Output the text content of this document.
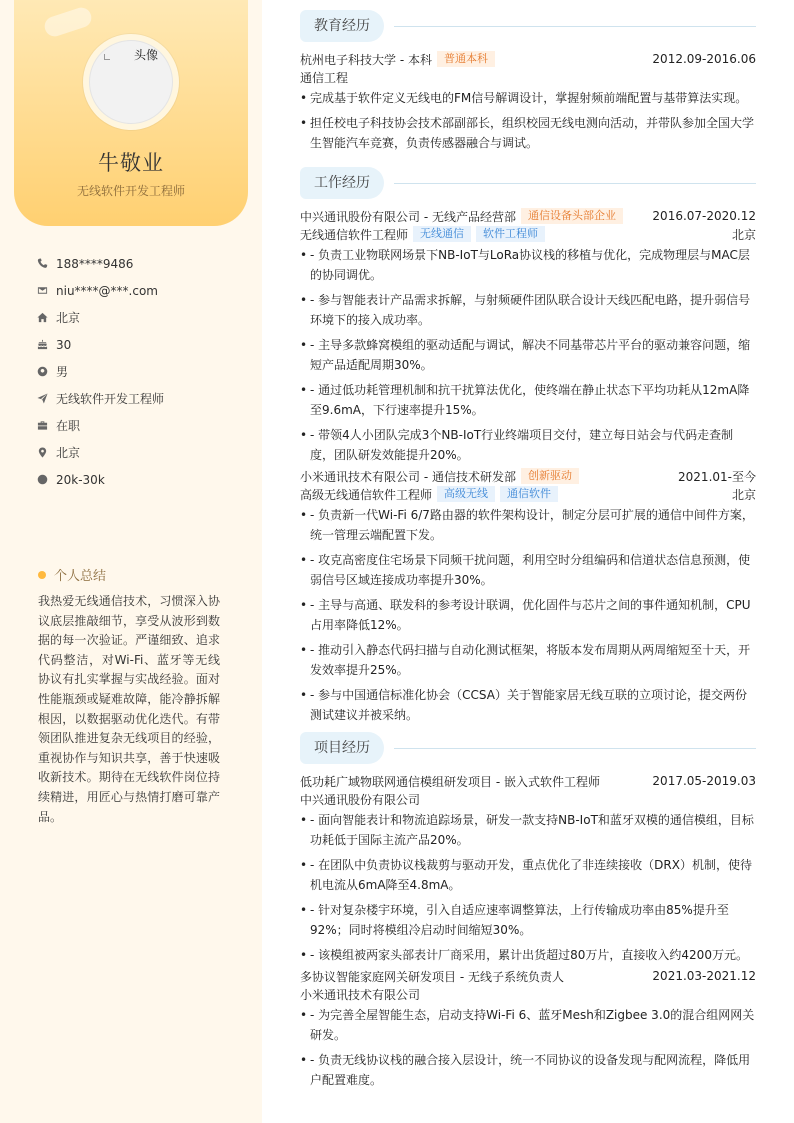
头像
牛敬业
无线软件开发工程师
188****9486
niu****@***.com
北京
30
男
无线软件开发工程师
在职
北京
20k-30k
个人总结
我热爱无线通信技术，习惯深入协议底层推敲细节，享受从波形到数据的每一次验证。严谨细致、追求代码整洁，对Wi-Fi、蓝牙等无线协议有扎实掌握与实战经验。面对性能瓶颈或疑难故障，能冷静拆解根因，以数据驱动优化迭代。有带领团队推进复杂无线项目的经验，重视协作与知识共享，善于快速吸收新技术。期待在无线软件岗位持续精进，用匠心与热情打磨可靠产品。
教育经历
杭州电子科技大学 - 本科	普通本科	2012.09-2016.06
通信工程
• 完成基于软件定义无线电的FM信号解调设计，掌握射频前端配置与基带算法实现。
• 担任校电子科技协会技术部副部长，组织校园无线电测向活动，并带队参加全国大学生智能汽车竞赛，负责传感器融合与调试。
工作经历
中兴通讯股份有限公司 - 无线产品经营部	通信设备头部企业	2016.07-2020.12
无线通信软件工程师	无线通信	软件工程师	北京
• - 负责工业物联网场景下NB-IoT与LoRa协议栈的移植与优化，完成物理层与MAC层的协同调优。
• - 参与智能表计产品需求拆解，与射频硬件团队联合设计天线匹配电路，提升弱信号环境下的接入成功率。
• - 主导多款蜂窝模组的驱动适配与调试，解决不同基带芯片平台的驱动兼容问题，缩短产品适配周期30%。
• - 通过低功耗管理机制和抗干扰算法优化，使终端在静止状态下平均功耗从12mA降至9.6mA，下行速率提升15%。
• - 带领4人小团队完成3个NB-IoT行业终端项目交付，建立每日站会与代码走查制度，团队研发效能提升20%。
小米通讯技术有限公司 - 通信技术研发部	创新驱动	2021.01-至今
高级无线通信软件工程师	高级无线	通信软件	北京
• - 负责新一代Wi-Fi 6/7路由器的软件架构设计，制定分层可扩展的通信中间件方案，统一管理云端配置下发。
• - 攻克高密度住宅场景下同频干扰问题，利用空时分组编码和信道状态信息预测，使弱信号区域连接成功率提升30%。
• - 主导与高通、联发科的参考设计联调，优化固件与芯片之间的事件通知机制，CPU占用率降低12%。
• - 推动引入静态代码扫描与自动化测试框架，将版本发布周期从两周缩短至十天，开发效率提升25%。
• - 参与中国通信标准化协会（CCSA）关于智能家居无线互联的立项讨论，提交两份测试建议并被采纳。
项目经历
低功耗广域物联网通信模组研发项目 - 嵌入式软件工程师	2017.05-2019.03
中兴通讯股份有限公司
• - 面向智能表计和物流追踪场景，研发一款支持NB-IoT和蓝牙双模的通信模组，目标功耗低于国际主流产品20%。
• - 在团队中负责协议栈裁剪与驱动开发，重点优化了非连续接收（DRX）机制，使待机电流从6mA降至4.8mA。
• - 针对复杂楼宇环境，引入自适应速率调整算法，上行传输成功率由85%提升至92%；同时将模组冷启动时间缩短30%。
• - 该模组被两家头部表计厂商采用，累计出货超过80万片，直接收入约4200万元。
多协议智能家庭网关研发项目 - 无线子系统负责人	2021.03-2021.12
小米通讯技术有限公司
• - 为完善全屋智能生态，启动支持Wi-Fi 6、蓝牙Mesh和Zigbee 3.0的混合组网网关研发。
• - 负责无线协议栈的融合接入层设计，统一不同协议的设备发现与配网流程，降低用户配置难度。
